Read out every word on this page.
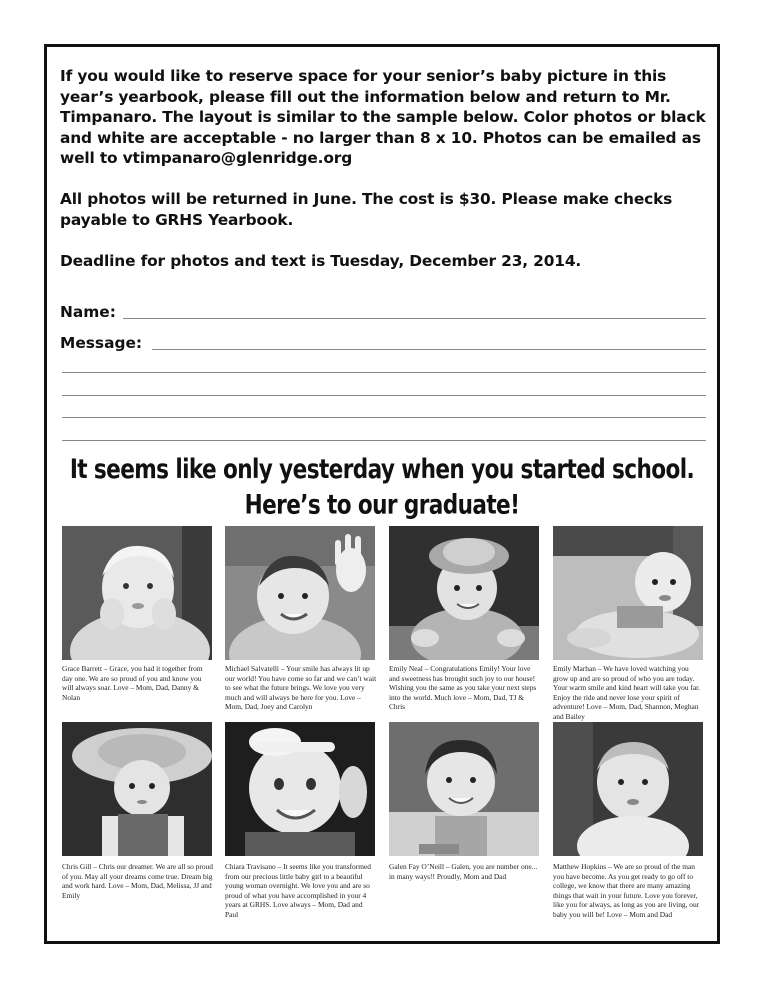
If you would like to reserve space for your senior’s baby picture in this year’s yearbook, please fill out the information below and return to Mr. Timpanaro. The layout is similar to the sample below. Color photos or black and white are acceptable - no larger than 8 x 10. Photos can be emailed as well to vtimpanaro@glenridge.org

All photos will be returned in June. The cost is $30. Please make checks payable to GRHS Yearbook.

Deadline for photos and text is Tuesday, December 23, 2014.

Name:
Message:
It seems like only yesterday when you started school.
Here’s to our graduate!
Grace Barrett – Grace, you had it together from day one. We are so proud of you and know you will always soar. Love – Mom, Dad, Danny & Nolan
Michael Salvatelli – Your smile has always lit up our world! You have come so far and we can’t wait to see what the future brings. We love you very much and will always be here for you. Love – Mom, Dad, Joey and Carolyn
Emily Neal – Congratulations Emily! Your love and sweetness has brought such joy to our house! Wishing you the same as you take your next steps into the world. Much love – Mom, Dad, TJ & Chris
Emily Marhan – We have loved watching you grow up and are so proud of who you are today. Your warm smile and kind heart will take you far. Enjoy the ride and never lose your spirit of adventure! Love – Mom, Dad, Shannon, Meghan and Bailey
Chris Gill – Chris our dreamer. We are all so proud of you. May all your dreams come true. Dream big and work hard. Love – Mom, Dad, Melissa, JJ and Emily
Chiara Travisano – It seems like you transformed from our precious little baby girl to a beautiful young woman overnight. We love you and are so proud of what you have accomplished in your 4 years at GRHS. Love always – Mom, Dad and Paul
Galen Fay O’Neill – Galen, you are number one... in many ways!! Proudly, Mom and Dad
Matthew Hopkins – We are so proud of the man you have become. As you get ready to go off to college, we know that there are many amazing things that wait in your future. Love you forever, like you for always, as long as you are living, our baby you will be! Love – Mom and Dad
